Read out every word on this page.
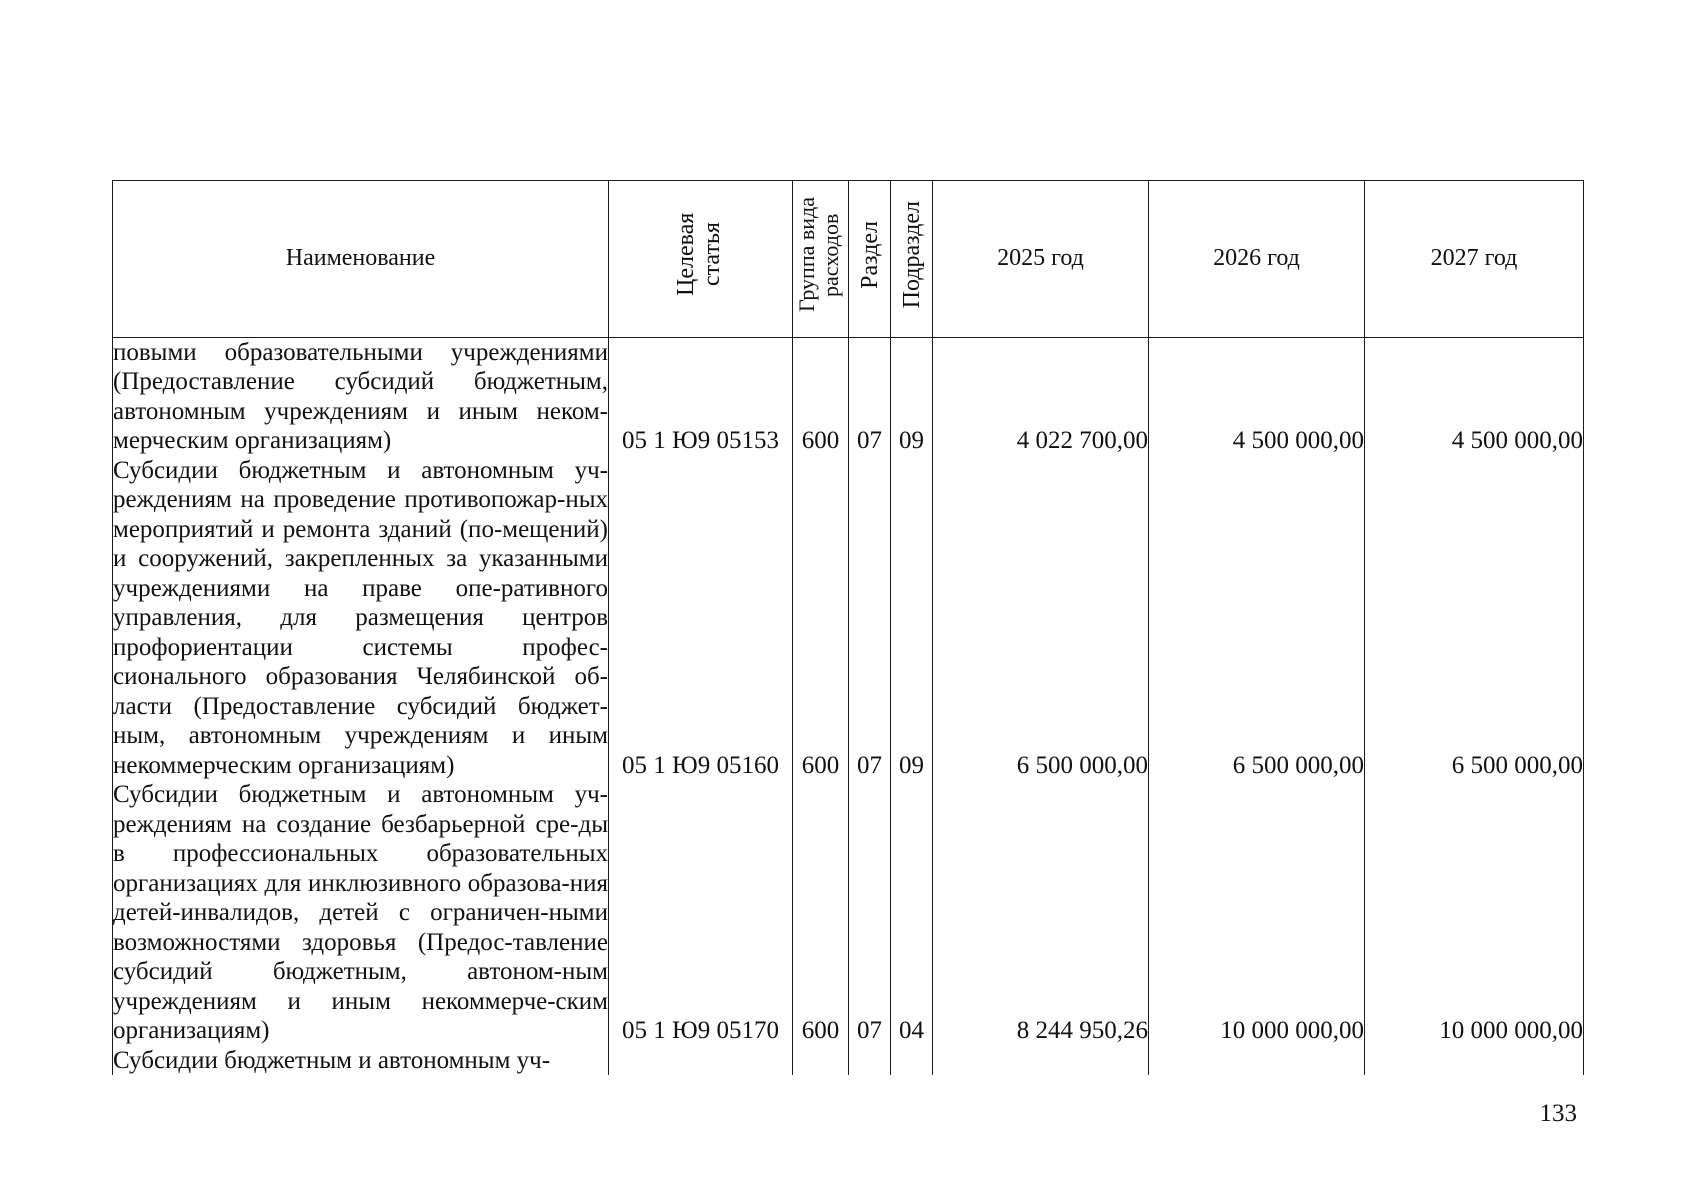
Наименование	Целевая статья	Группа вида расходов	Раздел	Подраздел	2025 год	2026 год	2027 год
повыми образовательными учреждениями (Предоставление субсидий бюджетным, автономным учреждениям и иным неком-мерческим организациям)	05 1 Ю9 05153	600	07	09	4 022 700,00	4 500 000,00	4 500 000,00
Субсидии бюджетным и автономным уч-реждениям на проведение противопожар-ных мероприятий и ремонта зданий (по-мещений) и сооружений, закрепленных за указанными учреждениями на праве опе-ративного управления, для размещения центров профориентации системы профес-сионального образования Челябинской об-ласти (Предоставление субсидий бюджет-ным, автономным учреждениям и иным некоммерческим организациям)	05 1 Ю9 05160	600	07	09	6 500 000,00	6 500 000,00	6 500 000,00
Субсидии бюджетным и автономным уч-реждениям на создание безбарьерной сре-ды в профессиональных образовательных организациях для инклюзивного образова-ния детей-инвалидов, детей с ограничен-ными возможностями здоровья (Предос-тавление субсидий бюджетным, автоном-ным учреждениям и иным некоммерче-ским организациям)	05 1 Ю9 05170	600	07	04	8 244 950,26	10 000 000,00	10 000 000,00
Субсидии бюджетным и автономным уч-							
133
